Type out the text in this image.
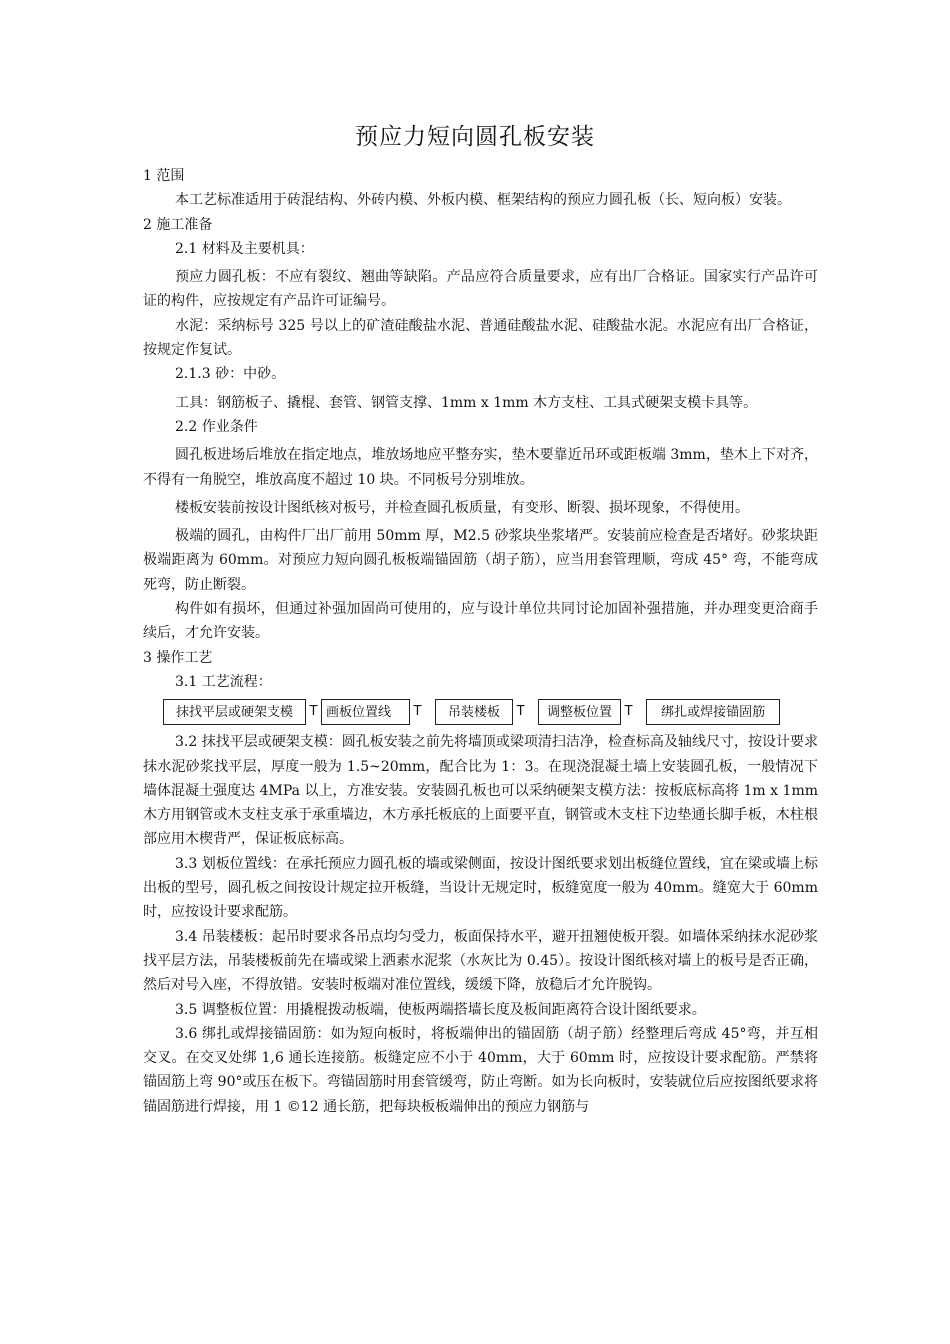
预应力短向圆孔板安装

1 范围

本工艺标准适用于砖混结构、外砖内模、外板内模、框架结构的预应力圆孔板（长、短向板）安装。

2 施工准备

2.1 材料及主要机具：

预应力圆孔板：不应有裂纹、翘曲等缺陷。产品应符合质量要求，应有出厂合格证。国家实行产品许可证的构件，应按规定有产品许可证编号。

水泥：采纳标号 325 号以上的矿渣硅酸盐水泥、普通硅酸盐水泥、硅酸盐水泥。水泥应有出厂合格证，按规定作复试。

2.1.3 砂：中砂。

工具：钢筋板子、撬棍、套管、钢管支撑、1mm x 1mm 木方支柱、工具式硬架支模卡具等。

2.2 作业条件

圆孔板进场后堆放在指定地点，堆放场地应平整夯实，垫木要靠近吊环或距板端 3mm，垫木上下对齐，不得有一角脱空，堆放高度不超过 10 块。不同板号分别堆放。

楼板安装前按设计图纸核对板号，并检查圆孔板质量，有变形、断裂、损坏现象，不得使用。

极端的圆孔，由构件厂出厂前用 50mm 厚，M2.5 砂浆块坐浆堵严。安装前应检查是否堵好。砂浆块距极端距离为 60mm。对预应力短向圆孔板板端锚固筋（胡子筋），应当用套管理顺，弯成 45° 弯，不能弯成死弯，防止断裂。

构件如有损坏，但通过补强加固尚可使用的，应与设计单位共同讨论加固补强措施，并办理变更洽商手续后，才允许安装。

3 操作工艺

3.1 工艺流程：

抹找平层或硬架支模	T 画板位置线	T	吊装楼板	T	调整板位置 T	绑扎或焊接锚固筋

3.2 抹找平层或硬架支模：圆孔板安装之前先将墙顶或梁项清扫洁净，检查标高及轴线尺寸，按设计要求抹水泥砂浆找平层，厚度一般为 1.5~20mm，配合比为 1：3。在现浇混凝土墙上安装圆孔板，一般情况下墙体混凝土强度达 4MPa 以上，方准安装。安装圆孔板也可以采纳硬架支模方法：按板底标高将 1m x 1mm 木方用钢管或木支柱支承于承重墙边，木方承托板底的上面要平直，钢管或木支柱下边垫通长脚手板，木柱根部应用木楔背严，保证板底标高。

3.3 划板位置线：在承托预应力圆孔板的墙或梁侧面，按设计图纸要求划出板缝位置线，宜在梁或墙上标出板的型号，圆孔板之间按设计规定拉开板缝，当设计无规定时，板缝宽度一般为 40mm。缝宽大于 60mm 时，应按设计要求配筋。

3.4 吊装楼板：起吊时要求各吊点均匀受力，板面保持水平，避开扭翘使板开裂。如墙体采纳抹水泥砂浆找平层方法，吊装楼板前先在墙或梁上洒素水泥浆（水灰比为 0.45）。按设计图纸核对墙上的板号是否正确，然后对号入座，不得放错。安装时板端对准位置线，缓缓下降，放稳后才允许脱钩。

3.5 调整板位置：用撬棍拨动板端，使板两端搭墙长度及板间距离符合设计图纸要求。

3.6 绑扎或焊接锚固筋：如为短向板时，将板端伸出的锚固筋（胡子筋）经整理后弯成 45°弯，并互相交叉。在交叉处绑 1,6 通长连接筋。板缝定应不小于 40mm，大于 60mm 时，应按设计要求配筋。严禁将锚固筋上弯 90°或压在板下。弯锚固筋时用套管缓弯，防止弯断。如为长向板时，安装就位后应按图纸要求将锚固筋进行焊接，用 1 ©12 通长筋，把每块板板端伸出的预应力钢筋与
